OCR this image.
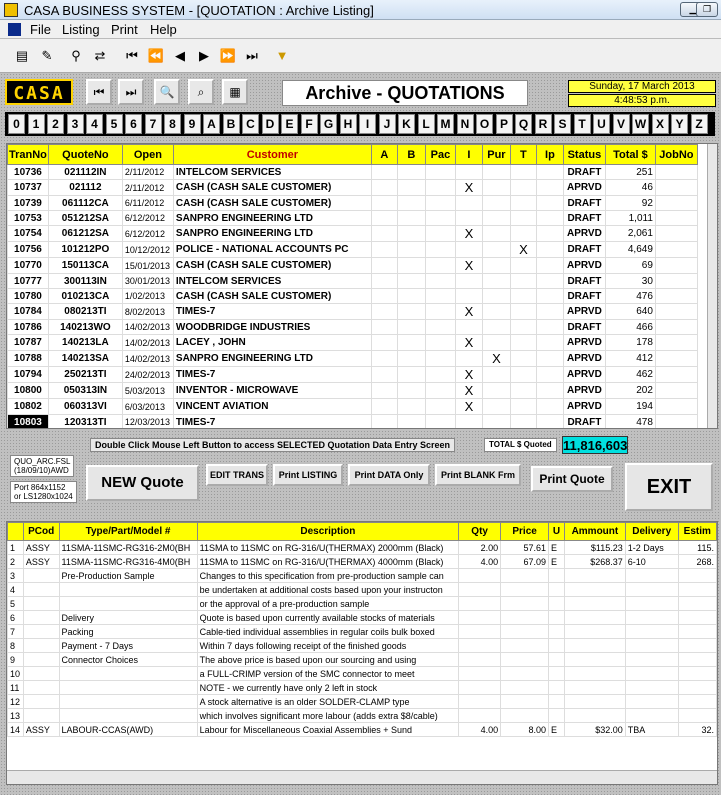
CASA BUSINESS SYSTEM - [QUOTATION : Archive Listing]	▁ ❐
File Listing Print Help
▤	✎	⚲	⇄	⏮ ⏪ ◀	▶ ⏩ ⏭	▼
CASA	⏮	⏭	🔍	⌕	▦	Archive - QUOTATIONS	Sunday, 17 March 2013
4:48:53 p.m.
0	1	2	3	4	5	6	7	8	9 A B C D E F G H	I	J K L M N O P Q R S T U V W X Y Z
TranNo	QuoteNo	Open	Customer	A	B	Pac	I	Pur	T	Ip	Status	Total $	JobNo
10736	021112IN	2/11/2012	INTELCOM SERVICES								DRAFT	251	
10737	021112	2/11/2012	CASH (CASH SALE CUSTOMER)				X				APRVD	46	
10739	061112CA	6/11/2012	CASH (CASH SALE CUSTOMER)								DRAFT	92	
10753	051212SA	6/12/2012	SANPRO ENGINEERING LTD								DRAFT	1,011	
10754	061212SA	6/12/2012	SANPRO ENGINEERING LTD				X				APRVD	2,061	
10756	101212PO	10/12/2012	POLICE - NATIONAL ACCOUNTS PC						X		DRAFT	4,649	
10770	150113CA	15/01/2013	CASH (CASH SALE CUSTOMER)				X				APRVD	69	
10777	300113IN	30/01/2013	INTELCOM SERVICES								DRAFT	30	
10780	010213CA	1/02/2013	CASH (CASH SALE CUSTOMER)								DRAFT	476	
10784	080213TI	8/02/2013	TIMES-7				X				APRVD	640	
10786	140213WO	14/02/2013	WOODBRIDGE INDUSTRIES								DRAFT	466	
10787	140213LA	14/02/2013	LACEY , JOHN				X				APRVD	178	
10788	140213SA	14/02/2013	SANPRO ENGINEERING LTD					X			APRVD	412	
10794	250213TI	24/02/2013	TIMES-7				X				APRVD	462	
10800	050313IN	5/03/2013	INVENTOR - MICROWAVE				X				APRVD	202	
10802	060313VI	6/03/2013	VINCENT AVIATION				X				APRVD	194	
10803	120313TI	12/03/2013	TIMES-7								DRAFT	478	
Double Click Mouse Left Button to access SELECTED Quotation Data Entry Screen	TOTAL $ Quoted 11,816,603
QUO_ARC.FSL
(18/09/10)AWD
Port 864x1152
or LS1280x1024
NEW Quote	EDIT TRANS	Print LISTING	Print DATA Only	Print BLANK Frm	Print Quote	EXIT
	PCod	Type/Part/Model #	Description	Qty	Price	U	Ammount	Delivery	Estim
1	ASSY	11SMA-11SMC-RG316-2M0(BH	11SMA to 11SMC on RG-316/U(THERMAX) 2000mm (Black)	2.00	57.61	E	$115.23	1-2 Days	115.
2	ASSY	11SMA-11SMC-RG316-4M0(BH	11SMA to 11SMC on RG-316/U(THERMAX) 4000mm (Black)	4.00	67.09	E	$268.37	6-10	268.
3		Pre-Production Sample	Changes to this specification from pre-production sample can						
4			be undertaken at additional costs based upon your instructon						
5			or the approval of a pre-production sample						
6		Delivery	Quote is based upon currently available stocks of materials						
7		Packing	Cable-tied individual assemblies in regular coils bulk boxed						
8		Payment - 7 Days	Within 7 days following receipt of the finished goods						
9		Connector Choices	The above price is based upon our sourcing and using						
10			a FULL-CRIMP version of the SMC connector to meet						
11			NOTE - we currently have only 2 left in stock						
12			A stock alternative is an older SOLDER-CLAMP type						
13			which involves significant more labour (adds extra $8/cable)						
14	ASSY	LABOUR-CCAS(AWD)	Labour for Miscellaneous Coaxial Assemblies + Sund	4.00	8.00	E	$32.00	TBA	32.
